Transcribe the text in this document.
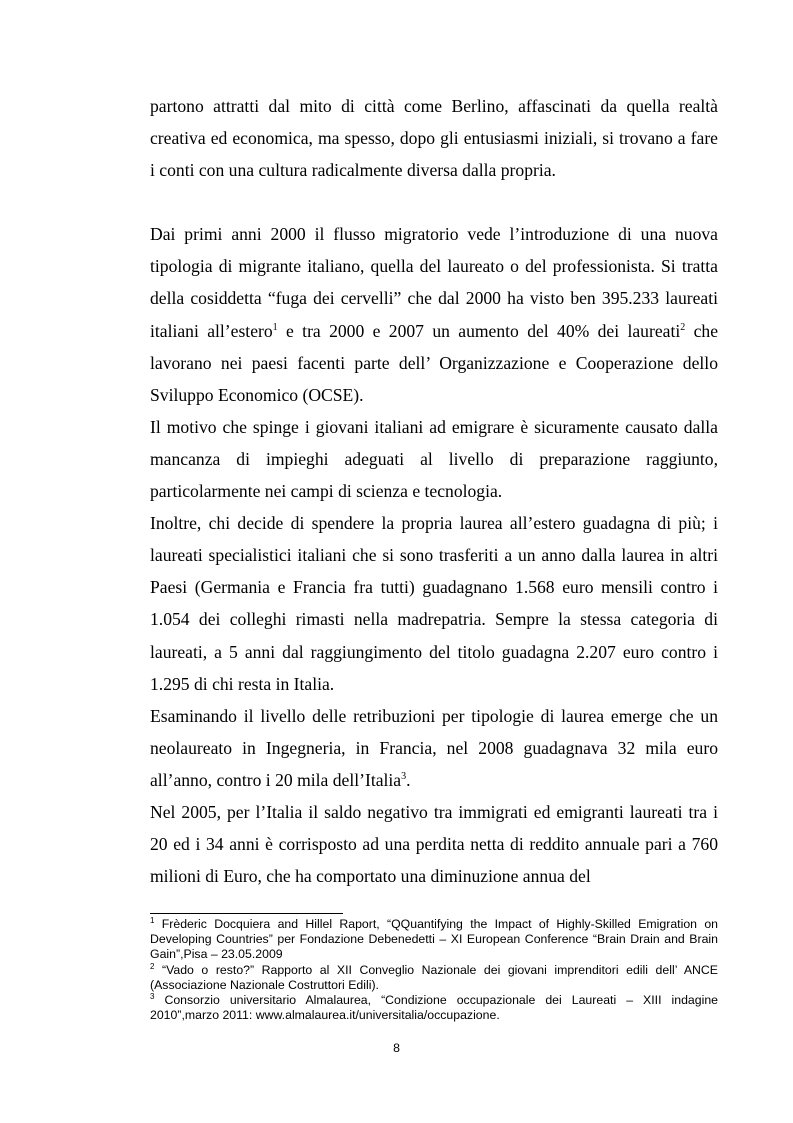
partono attratti dal mito di città come Berlino, affascinati da quella realtà creativa ed economica, ma spesso, dopo gli entusiasmi iniziali, si trovano a fare i conti con una cultura radicalmente diversa dalla propria.

Dai primi anni 2000 il flusso migratorio vede l’introduzione di una nuova tipologia di migrante italiano, quella del laureato o del professionista. Si tratta della cosiddetta “fuga dei cervelli” che dal 2000 ha visto ben 395.233 laureati italiani all’estero$^1$ e tra 2000 e 2007 un aumento del 40% dei laureati$^2$ che lavorano nei paesi facenti parte dell’ Organizzazione e Cooperazione dello Sviluppo Economico (OCSE).

Il motivo che spinge i giovani italiani ad emigrare è sicuramente causato dalla mancanza di impieghi adeguati al livello di preparazione raggiunto, particolarmente nei campi di scienza e tecnologia.

Inoltre, chi decide di spendere la propria laurea all’estero guadagna di più; i laureati specialistici italiani che si sono trasferiti a un anno dalla laurea in altri Paesi (Germania e Francia fra tutti) guadagnano 1.568 euro mensili contro i 1.054 dei colleghi rimasti nella madrepatria. Sempre la stessa categoria di laureati, a 5 anni dal raggiungimento del titolo guadagna 2.207 euro contro i 1.295 di chi resta in Italia.

Esaminando il livello delle retribuzioni per tipologie di laurea emerge che un neolaureato in Ingegneria, in Francia, nel 2008 guadagnava 32 mila euro all’anno, contro i 20 mila dell’Italia$^3$.

Nel 2005, per l’Italia il saldo negativo tra immigrati ed emigranti laureati tra i 20 ed i 34 anni è corrisposto ad una perdita netta di reddito annuale pari a 760 milioni di Euro, che ha comportato una diminuzione annua del

$^1$ Frèderic Docquiera and Hillel Raport, “QQuantifying the Impact of Highly-Skilled Emigration on Developing Countries” per Fondazione Debenedetti – XI European Conference “Brain Drain and Brain Gain”,Pisa – 23.05.2009

$^2$ “Vado o resto?” Rapporto al XII Conveglio Nazionale dei giovani imprenditori edili dell’ ANCE (Associazione Nazionale Costruttori Edili).

$^3$ Consorzio universitario Almalaurea, “Condizione occupazionale dei Laureati – XIII indagine 2010”,marzo 2011: www.almalaurea.it/universitalia/occupazione.

8
